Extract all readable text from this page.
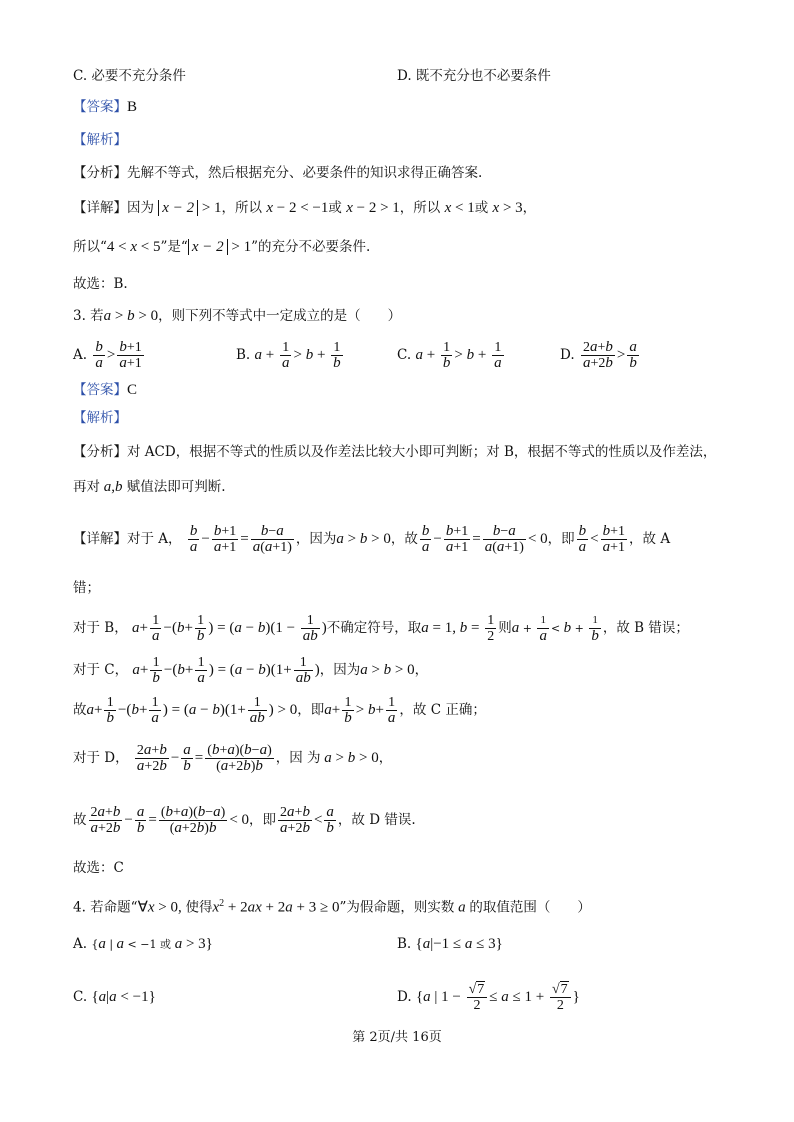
C. 必要不充分条件	D. 既不充分也不必要条件
【答案】B
【解析】
【分析】先解不等式，然后根据充分、必要条件的知识求得正确答案.
【详解】因为 x − 2 > 1，所以 x − 2 < −1或 x − 2 > 1，所以 x < 1或 x > 3，
所以“4 < x < 5”是“ x − 2 > 1”的充分不必要条件.
故选：B.
3. 若a > b > 0，则下列不等式中一定成立的是（　　）
A. $\frac{b}{a} > \frac{b+1}{a+1}$	B. $a + \frac{1}{a} > b + \frac{1}{b}$	C. $a + \frac{1}{b} > b + \frac{1}{a}$	D. $\frac{2a+b}{a+2b} > \frac{a}{b}$
【答案】C
【解析】
【分析】对 ACD，根据不等式的性质以及作差法比较大小即可判断；对 B，根据不等式的性质以及作差法，
再对 a,b 赋值法即可判断.
【详解】对于 A， $\frac{b}{a} - \frac{b+1}{a+1} = \frac{b-a}{a(a+1)}$ ，因为a > b > 0，故 $\frac{b}{a} - \frac{b+1}{a+1} = \frac{b-a}{a(a+1)} < 0$，即 $\frac{b}{a} < \frac{b+1}{a+1}$ ，故 A
错；
对于 B， $a+ \frac{1}{a} -(b+ \frac{1}{b}$ ) = $(a - b)(1 - \frac{1}{ab}$ )不确定符号，取a = 1, $b = \frac{1}{2}$ 则$a + \frac{1}{a} < b + \frac{1}{b}$ ，故 B 错误；
对于 C， $a+ \frac{1}{b} -(b+ \frac{1}{a}$ ) = $(a - b)(1+ \frac{1}{ab}$ )，因为a > b > 0，
故$a+ \frac{1}{b} -(b+ \frac{1}{a}$ ) = $(a - b)(1+ \frac{1}{ab}$ ) > 0，即$a+ \frac{1}{b} > b+ \frac{1}{a}$ ，故 C 正确；
对于 D， $\frac{2a+b}{a+2b} - \frac{a}{b} = \frac{(b+a)(b-a)}{(a+2b)b}$ ，因 为 a > b > 0，
故 $\frac{2a+b}{a+2b} - \frac{a}{b} = \frac{(b+a)(b-a)}{(a+2b)b} < 0$，即 $\frac{2a+b}{a+2b} < \frac{a}{b}$ ，故 D 错误.
故选：C
4. 若命题“∀x > 0, 使得$x^2 + 2ax + 2a + 3 \ge 0$”为假命题，则实数 a 的取值范围（　　）
A. {a | a < −1 或 a > 3}	B. {a|−1 ≤ a ≤ 3}
C. {a|a < −1}	D. {a | $1 - \frac{√7}{2} \le a \le 1 + \frac{√7}{2}$ }
第 2页/共 16页
